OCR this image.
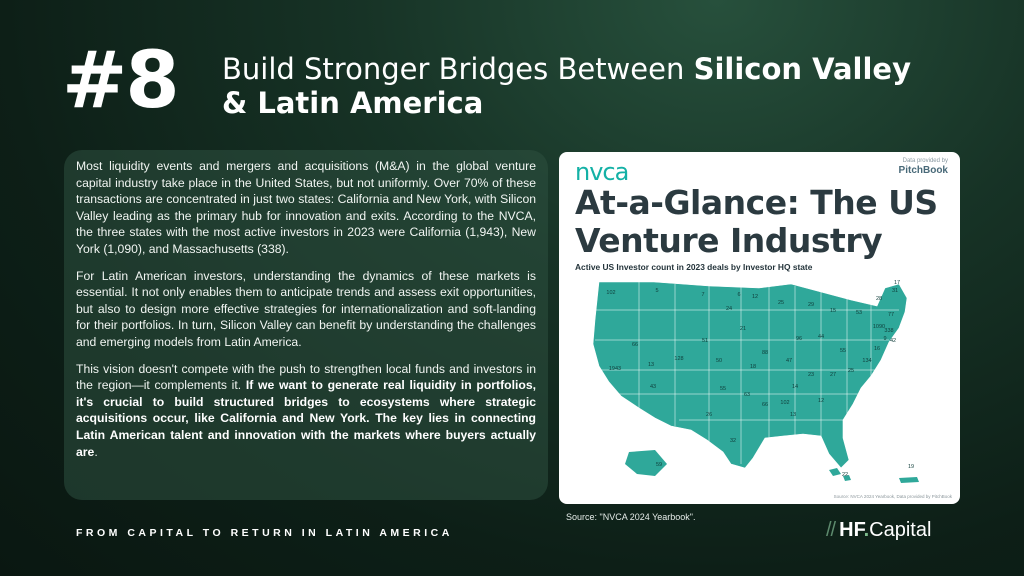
#8 Build Stronger Bridges Between Silicon Valley & Latin America

Most liquidity events and mergers and acquisitions (M&A) in the global venture capital industry take place in the United States, but not uniformly. Over 70% of these transactions are concentrated in just two states: California and New York, with Silicon Valley leading as the primary hub for innovation and exits. According to the NVCA, the three states with the most active investors in 2023 were California (1,943), New York (1,090), and Massachusetts (338).

For Latin American investors, understanding the dynamics of these markets is essential. It not only enables them to anticipate trends and assess exit opportunities, but also to design more effective strategies for internationalization and soft-landing for their portfolios. In turn, Silicon Valley can benefit by understanding the challenges and emerging models from Latin America.

This vision doesn't compete with the push to strengthen local funds and investors in the region—it complements it. If we want to generate real liquidity in portfolios, it's crucial to build structured bridges to ecosystems where strategic acquisitions occur, like California and New York. The key lies in connecting Latin American talent and innovation with the markets where buyers actually are.

nvca	Data provided by
PitchBook
At-a-Glance: The US Venture Industry
Active US Investor count in 2023 deals by Investor HQ state
102	5
7	6 12
25	29
15	53
28
31
17
77
1090
9
16
134
338
42
1943
43
13
66
128
51
21
24
50
18
88
47
96	44
55
25
27
23
14
102
66
63
55
26
32
13
12
59
22
19
Source: NVCA 2024 Yearbook, Data provided by PitchBook
Source: "NVCA 2024 Yearbook".
FROM CAPITAL TO RETURN IN LATIN AMERICA	// HF.Capital
